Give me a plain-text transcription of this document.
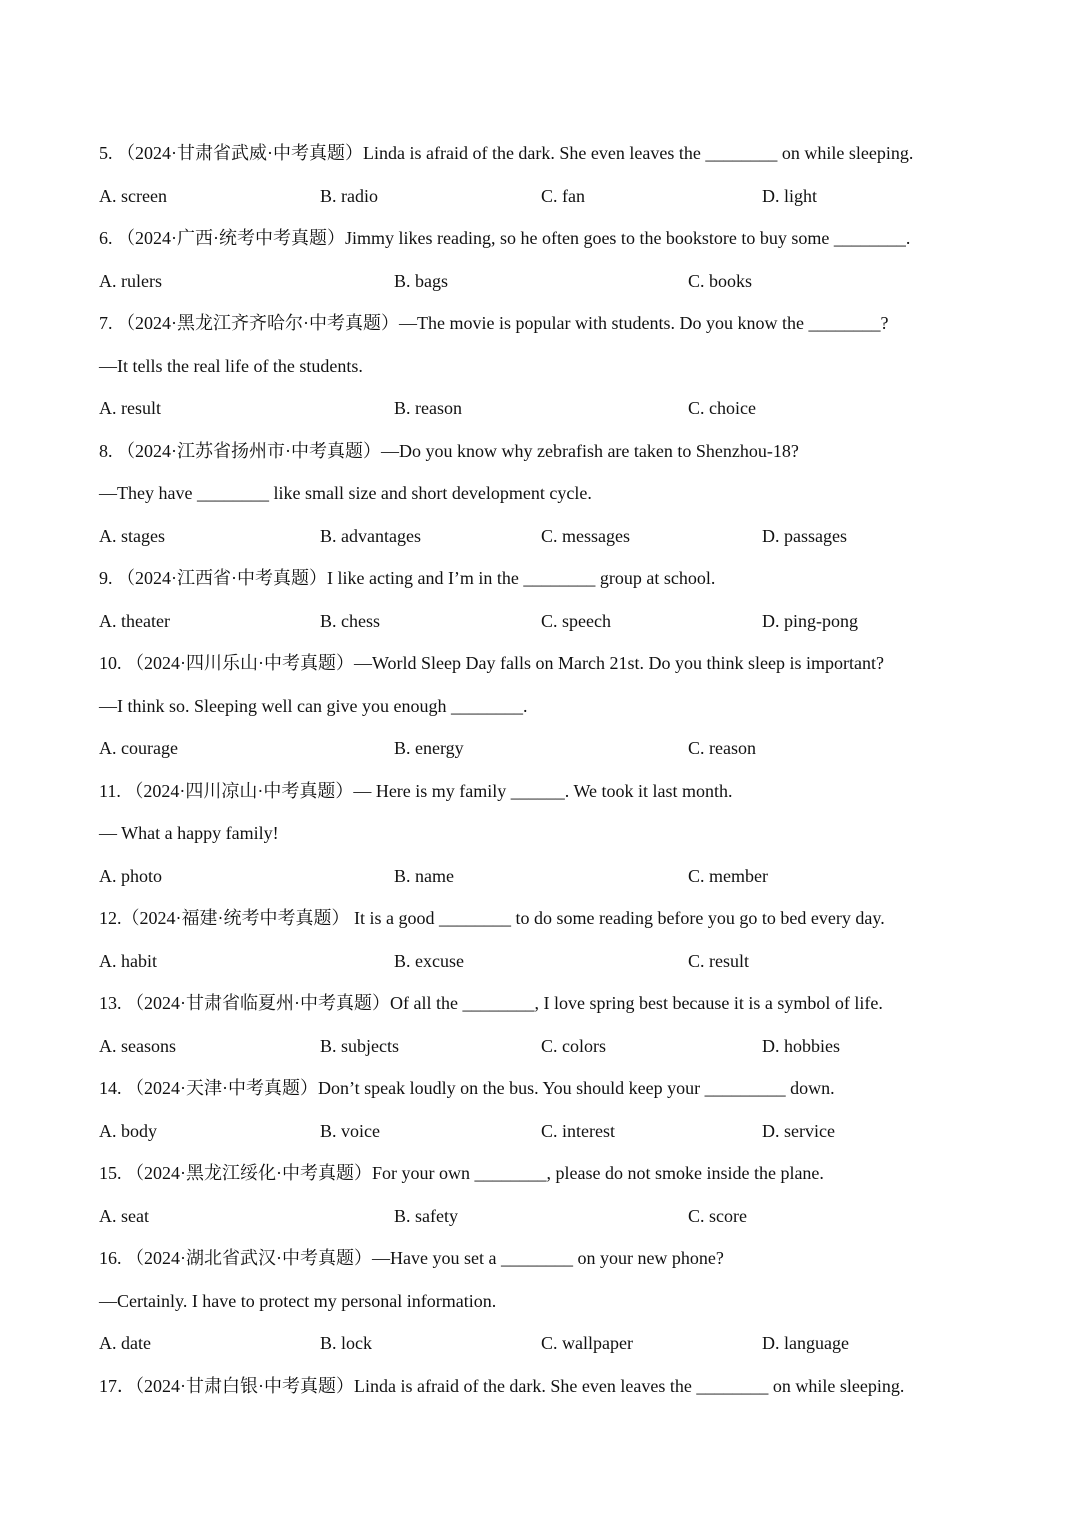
5. （2024·甘肃省武威·中考真题）Linda is afraid of the dark. She even leaves the ________ on while sleeping.
A. screen	B. radio	C. fan	D. light
6. （2024·广西·统考中考真题）Jimmy likes reading, so he often goes to the bookstore to buy some ________.
A. rulers	B. bags	C. books
7. （2024·黑龙江齐齐哈尔·中考真题）—The movie is popular with students. Do you know the ________?
—It tells the real life of the students.
A. result	B. reason	C. choice
8. （2024·江苏省扬州市·中考真题）—Do you know why zebrafish are taken to Shenzhou-18?
—They have ________ like small size and short development cycle.
A. stages	B. advantages	C. messages	D. passages
9. （2024·江西省·中考真题）I like acting and I’m in the ________ group at school.
A. theater	B. chess	C. speech	D. ping-pong
10. （2024·四川乐山·中考真题）—World Sleep Day falls on March 21st. Do you think sleep is important?
—I think so. Sleeping well can give you enough ________.
A. courage	B. energy	C. reason
11. （2024·四川凉山·中考真题）— Here is my family ______. We took it last month.
— What a happy family!
A. photo	B. name	C. member
12.（2024·福建·统考中考真题） It is a good ________ to do some reading before you go to bed every day.
A. habit	B. excuse	C. result
13. （2024·甘肃省临夏州·中考真题）Of all the ________, I love spring best because it is a symbol of life.
A. seasons	B. subjects	C. colors	D. hobbies
14. （2024·天津·中考真题）Don’t speak loudly on the bus. You should keep your _________ down.
A. body	B. voice	C. interest	D. service
15. （2024·黑龙江绥化·中考真题）For your own ________, please do not smoke inside the plane.
A. seat	B. safety	C. score
16. （2024·湖北省武汉·中考真题）—Have you set a ________ on your new phone?
—Certainly. I have to protect my personal information.
A. date	B. lock	C. wallpaper	D. language
17．（2024·甘肃白银·中考真题）Linda is afraid of the dark. She even leaves the ________ on while sleeping.
